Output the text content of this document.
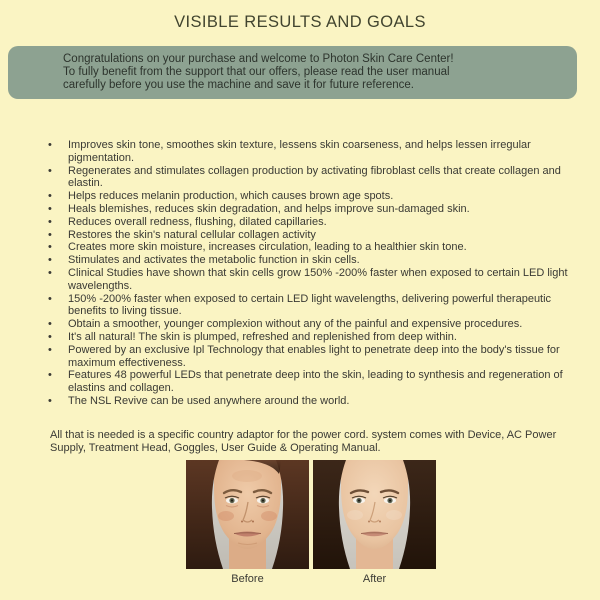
VISIBLE RESULTS AND GOALS
Congratulations on your purchase and welcome to Photon Skin Care Center!
To fully benefit from the support that our offers, please read the user manual
carefully before you use the machine and save it for future reference.
• Improves skin tone, smoothes skin texture, lessens skin coarseness, and helps lessen irregular pigmentation.
• Regenerates and stimulates collagen production by activating fibroblast cells that create collagen and elastin.
• Helps reduces melanin production, which causes brown age spots.
• Heals blemishes, reduces skin degradation, and helps improve sun-damaged skin.
• Reduces overall redness, flushing, dilated capillaries.
• Restores the skin's natural cellular collagen activity
• Creates more skin moisture, increases circulation, leading to a healthier skin tone.
• Stimulates and activates the metabolic function in skin cells.
• Clinical Studies have shown that skin cells grow 150% -200% faster when exposed to certain LED light wavelengths.
• 150% -200% faster when exposed to certain LED light wavelengths, delivering powerful therapeutic benefits to living tissue.
• Obtain a smoother, younger complexion without any of the painful and expensive procedures.
• It's all natural! The skin is plumped, refreshed and replenished from deep within.
• Powered by an exclusive Ipl Technology that enables light to penetrate deep into the body's tissue for maximum effectiveness.
• Features 48 powerful LEDs that penetrate deep into the skin, leading to synthesis and regeneration of elastins and collagen.
• The NSL Revive can be used anywhere around the world.
All that is needed is a specific country adaptor for the power cord. system comes with Device, AC Power Supply, Treatment Head, Goggles, User Guide & Operating Manual.
Before	After
